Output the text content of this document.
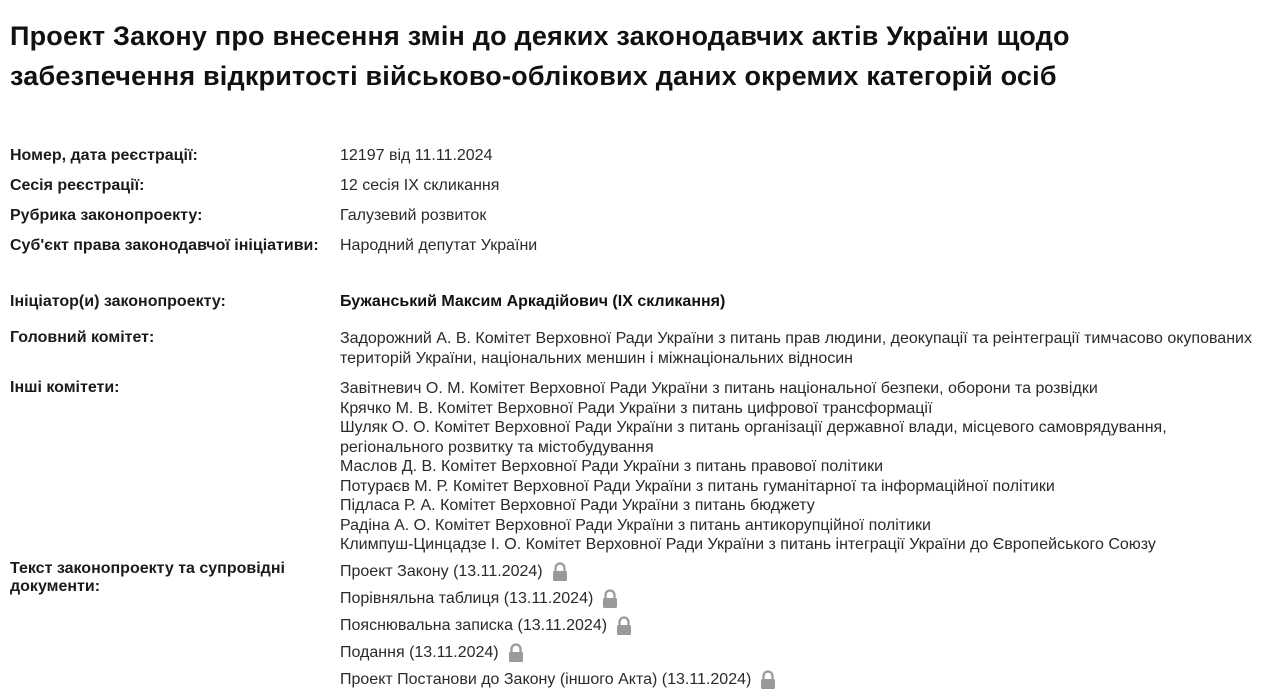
Проект Закону про внесення змін до деяких законодавчих актів України щодо забезпечення відкритості військово-облікових даних окремих категорій осіб
Номер, дата реєстрації:	12197 від 11.11.2024
Сесія реєстрації:	12 сесія IX скликання
Рубрика законопроекту:	Галузевий розвиток
Суб'єкт права законодавчої ініціативи:	Народний депутат України
Ініціатор(и) законопроекту:	Бужанський Максим Аркадійович (IX скликання)
Головний комітет:	Задорожний А. В. Комітет Верховної Ради України з питань прав людини, деокупації та реінтеграції тимчасово окупованих територій України, національних меншин і міжнаціональних відносин
Інші комітети:	Завітневич О. М. Комітет Верховної Ради України з питань національної безпеки, оборони та розвідки
Крячко М. В. Комітет Верховної Ради України з питань цифрової трансформації
Шуляк О. О. Комітет Верховної Ради України з питань організації державної влади, місцевого самоврядування, регіонального розвитку та містобудування
Маслов Д. В. Комітет Верховної Ради України з питань правової політики
Потураєв М. Р. Комітет Верховної Ради України з питань гуманітарної та інформаційної політики
Підласа Р. А. Комітет Верховної Ради України з питань бюджету
Радіна А. О. Комітет Верховної Ради України з питань антикорупційної політики
Климпуш-Цинцадзе І. О. Комітет Верховної Ради України з питань інтеграції України до Європейського Союзу
Текст законопроекту та супровідні документи:
Проект Закону (13.11.2024)
Порівняльна таблиця (13.11.2024)
Пояснювальна записка (13.11.2024)
Подання (13.11.2024)
Проект Постанови до Закону (іншого Акта) (13.11.2024)
